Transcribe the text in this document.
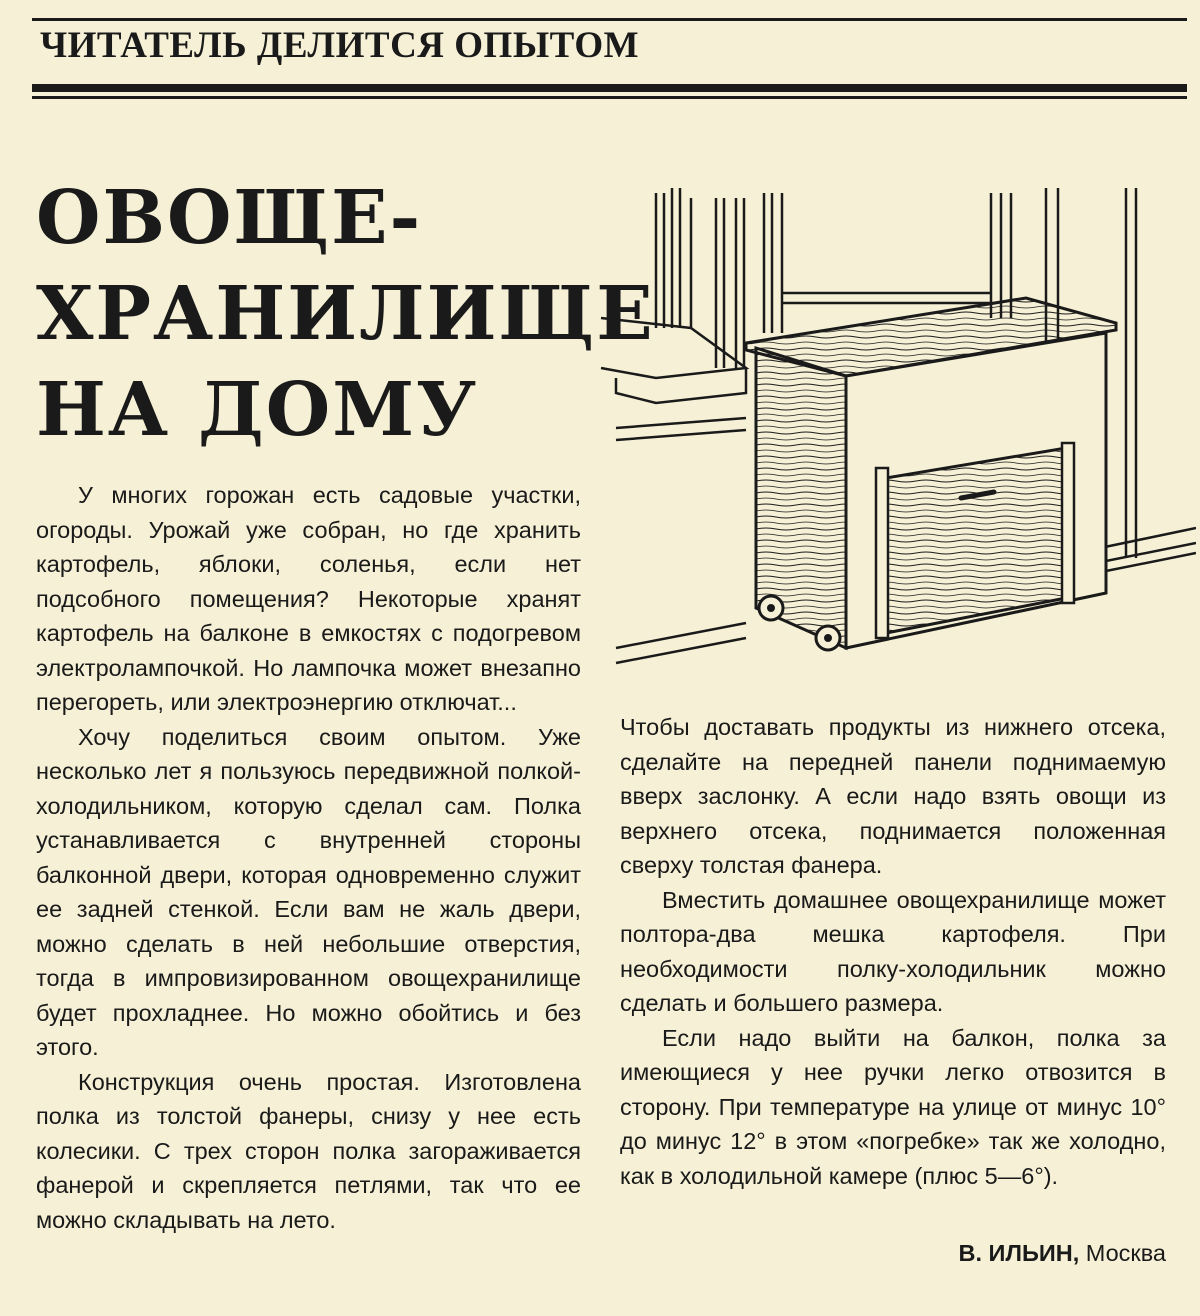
ЧИТАТЕЛЬ ДЕЛИТСЯ ОПЫТОМ
ОВОЩЕ-
ХРАНИЛИЩЕ
НА ДОМУ

У многих горожан есть садовые участки, огороды. Урожай уже собран, но где хранить картофель, яблоки, соленья, если нет подсобного помещения? Некоторые хранят картофель на балконе в емкостях с подогревом электролампочкой. Но лампочка может внезапно перегореть, или электроэнергию отключат...

Хочу поделиться своим опытом. Уже несколько лет я пользуюсь передвижной полкой-холодильником, которую сделал сам. Полка устанавливается с внутренней стороны балконной двери, которая одновременно служит ее задней стенкой. Если вам не жаль двери, можно сделать в ней небольшие отверстия, тогда в импровизированном овощехранилище будет прохладнее. Но можно обойтись и без этого.

Конструкция очень простая. Изготовлена полка из толстой фанеры, снизу у нее есть колесики. С трех сторон полка загораживается фанерой и скрепляется петлями, так что ее можно складывать на лето.

Чтобы доставать продукты из нижнего отсека, сделайте на передней панели поднимаемую вверх заслонку. А если надо взять овощи из верхнего отсека, поднимается положенная сверху толстая фанера.

Вместить домашнее овощехранилище может полтора-два мешка картофеля. При необходимости полку-холодильник можно сделать и большего размера.

Если надо выйти на балкон, полка за имеющиеся у нее ручки легко отвозится в сторону. При температуре на улице от минус 10° до минус 12° в этом «погребке» так же холодно, как в холодильной камере (плюс 5—6°).

В. ИЛЬИН, Москва
